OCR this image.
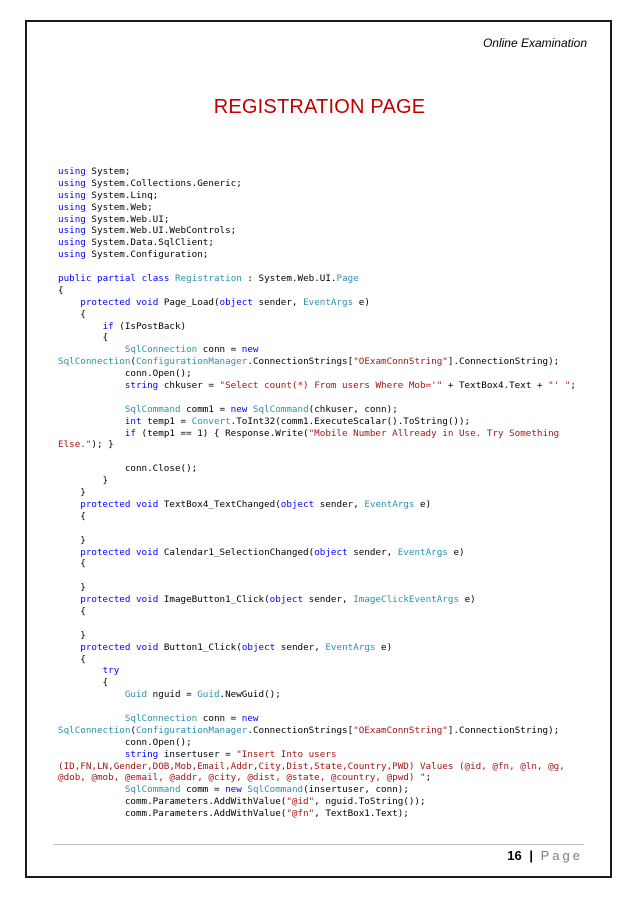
Online Examination
REGISTRATION PAGE
using System;
using System.Collections.Generic;
using System.Linq;
using System.Web;
using System.Web.UI;
using System.Web.UI.WebControls;
using System.Data.SqlClient;
using System.Configuration;
public partial class Registration : System.Web.UI.Page
{
protected void Page_Load(object sender, EventArgs e)
{
if (IsPostBack)
{
SqlConnection conn = new
SqlConnection(ConfigurationManager.ConnectionStrings["OExamConnString"].ConnectionString);
conn.Open();
string chkuser = "Select count(*) From users Where Mob='" + TextBox4.Text + "' ";
SqlCommand comm1 = new SqlCommand(chkuser, conn);
int temp1 = Convert.ToInt32(comm1.ExecuteScalar().ToString());
if (temp1 == 1) { Response.Write("Mobile Number Allready in Use. Try Something
Else."); }
conn.Close();
}
}
protected void TextBox4_TextChanged(object sender, EventArgs e)
{
}
protected void Calendar1_SelectionChanged(object sender, EventArgs e)
{
}
protected void ImageButton1_Click(object sender, ImageClickEventArgs e)
{
}
protected void Button1_Click(object sender, EventArgs e)
{
try
{
Guid nguid = Guid.NewGuid();
SqlConnection conn = new
SqlConnection(ConfigurationManager.ConnectionStrings["OExamConnString"].ConnectionString);
conn.Open();
string insertuser = "Insert Into users
(ID,FN,LN,Gender,DOB,Mob,Email,Addr,City,Dist,State,Country,PWD) Values (@id, @fn, @ln, @g,
@dob, @mob, @email, @addr, @city, @dist, @state, @country, @pwd) ";
SqlCommand comm = new SqlCommand(insertuser, conn);
comm.Parameters.AddWithValue("@id", nguid.ToString());
comm.Parameters.AddWithValue("@fn", TextBox1.Text);
16 | Page
